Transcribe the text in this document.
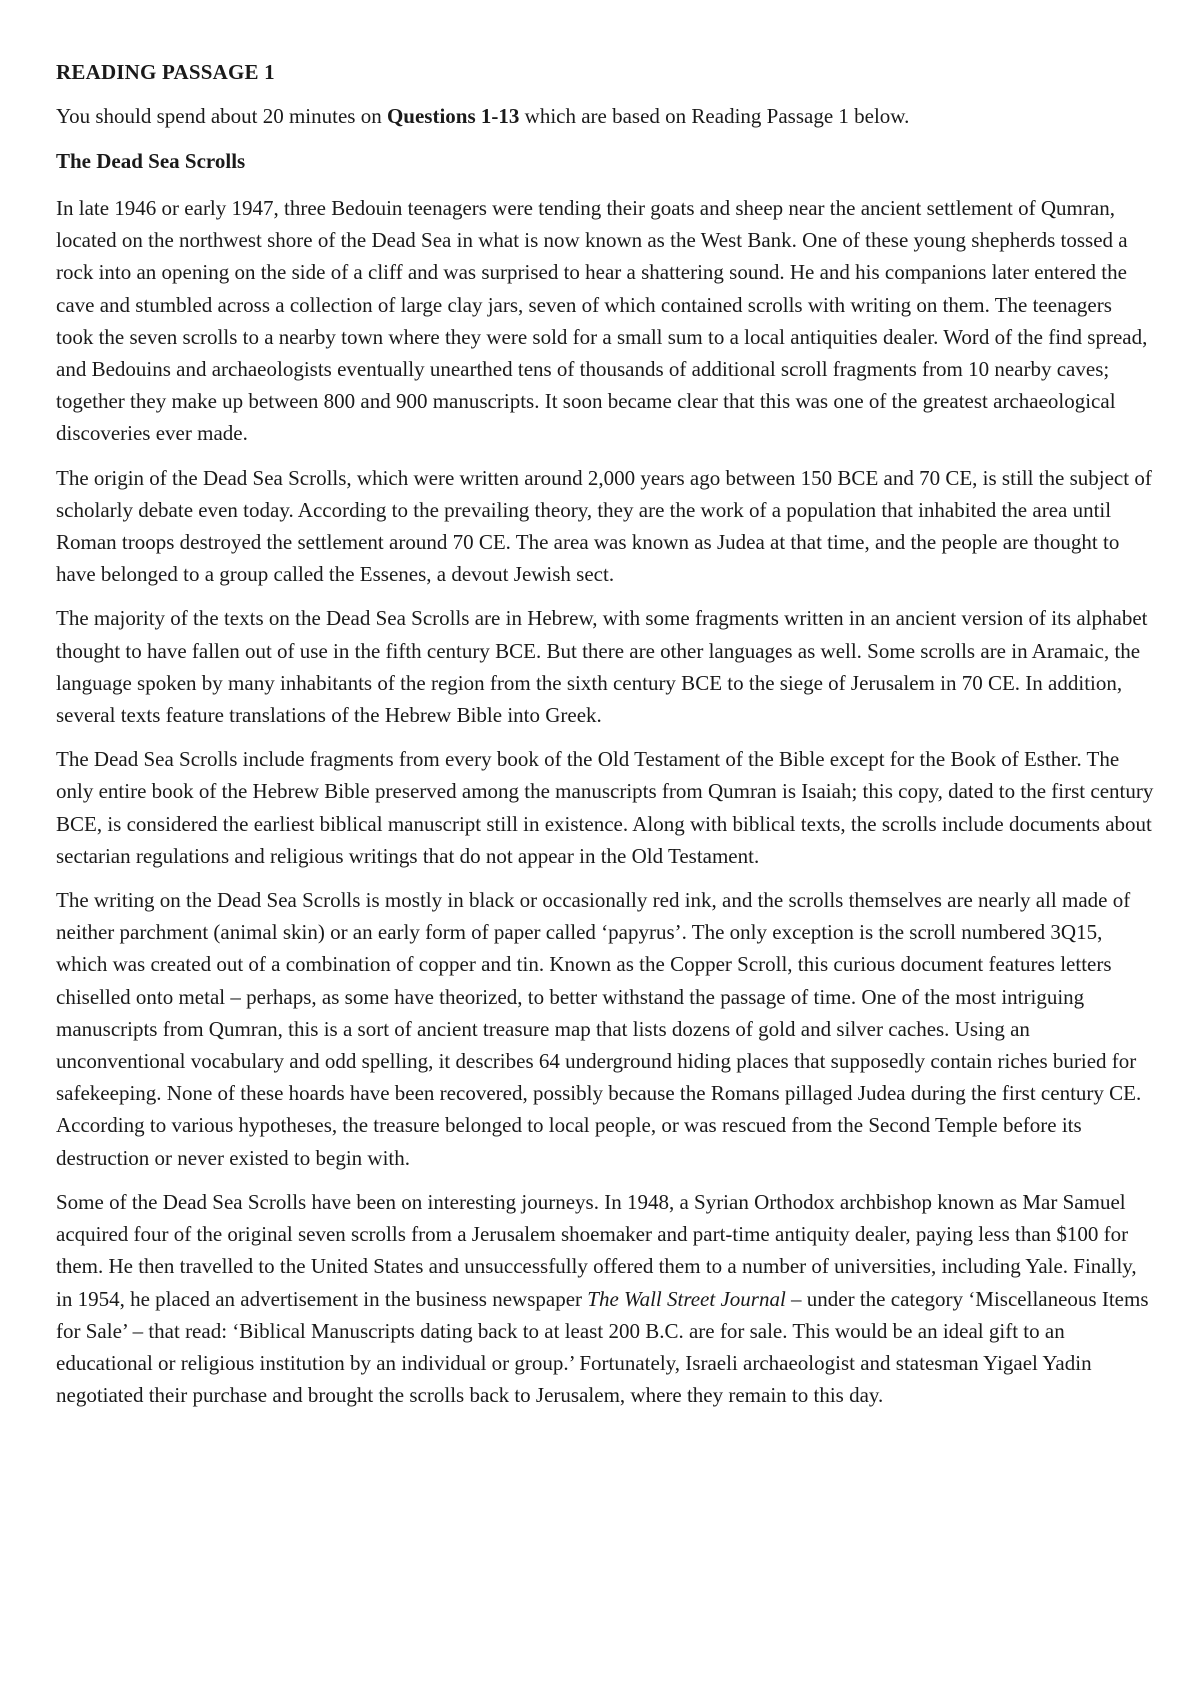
READING PASSAGE 1
You should spend about 20 minutes on Questions 1-13 which are based on Reading Passage 1 below.
The Dead Sea Scrolls

In late 1946 or early 1947, three Bedouin teenagers were tending their goats and sheep near the ancient settlement of Qumran, located on the northwest shore of the Dead Sea in what is now known as the West Bank. One of these young shepherds tossed a rock into an opening on the side of a cliff and was surprised to hear a shattering sound. He and his companions later entered the cave and stumbled across a collection of large clay jars, seven of which contained scrolls with writing on them. The teenagers took the seven scrolls to a nearby town where they were sold for a small sum to a local antiquities dealer. Word of the find spread, and Bedouins and archaeologists eventually unearthed tens of thousands of additional scroll fragments from 10 nearby caves; together they make up between 800 and 900 manuscripts. It soon became clear that this was one of the greatest archaeological discoveries ever made.

The origin of the Dead Sea Scrolls, which were written around 2,000 years ago between 150 BCE and 70 CE, is still the subject of scholarly debate even today. According to the prevailing theory, they are the work of a population that inhabited the area until Roman troops destroyed the settlement around 70 CE. The area was known as Judea at that time, and the people are thought to have belonged to a group called the Essenes, a devout Jewish sect.

The majority of the texts on the Dead Sea Scrolls are in Hebrew, with some fragments written in an ancient version of its alphabet thought to have fallen out of use in the fifth century BCE. But there are other languages as well. Some scrolls are in Aramaic, the language spoken by many inhabitants of the region from the sixth century BCE to the siege of Jerusalem in 70 CE. In addition, several texts feature translations of the Hebrew Bible into Greek.

The Dead Sea Scrolls include fragments from every book of the Old Testament of the Bible except for the Book of Esther. The only entire book of the Hebrew Bible preserved among the manuscripts from Qumran is Isaiah; this copy, dated to the first century BCE, is considered the earliest biblical manuscript still in existence. Along with biblical texts, the scrolls include documents about sectarian regulations and religious writings that do not appear in the Old Testament.

The writing on the Dead Sea Scrolls is mostly in black or occasionally red ink, and the scrolls themselves are nearly all made of neither parchment (animal skin) or an early form of paper called ‘papyrus’. The only exception is the scroll numbered 3Q15, which was created out of a combination of copper and tin. Known as the Copper Scroll, this curious document features letters chiselled onto metal – perhaps, as some have theorized, to better withstand the passage of time. One of the most intriguing manuscripts from Qumran, this is a sort of ancient treasure map that lists dozens of gold and silver caches. Using an unconventional vocabulary and odd spelling, it describes 64 underground hiding places that supposedly contain riches buried for safekeeping. None of these hoards have been recovered, possibly because the Romans pillaged Judea during the first century CE. According to various hypotheses, the treasure belonged to local people, or was rescued from the Second Temple before its destruction or never existed to begin with.

Some of the Dead Sea Scrolls have been on interesting journeys. In 1948, a Syrian Orthodox archbishop known as Mar Samuel acquired four of the original seven scrolls from a Jerusalem shoemaker and part-time antiquity dealer, paying less than $100 for them. He then travelled to the United States and unsuccessfully offered them to a number of universities, including Yale. Finally, in 1954, he placed an advertisement in the business newspaper The Wall Street Journal – under the category ‘Miscellaneous Items for Sale’ – that read: ‘Biblical Manuscripts dating back to at least 200 B.C. are for sale. This would be an ideal gift to an educational or religious institution by an individual or group.’ Fortunately, Israeli archaeologist and statesman Yigael Yadin negotiated their purchase and brought the scrolls back to Jerusalem, where they remain to this day.
